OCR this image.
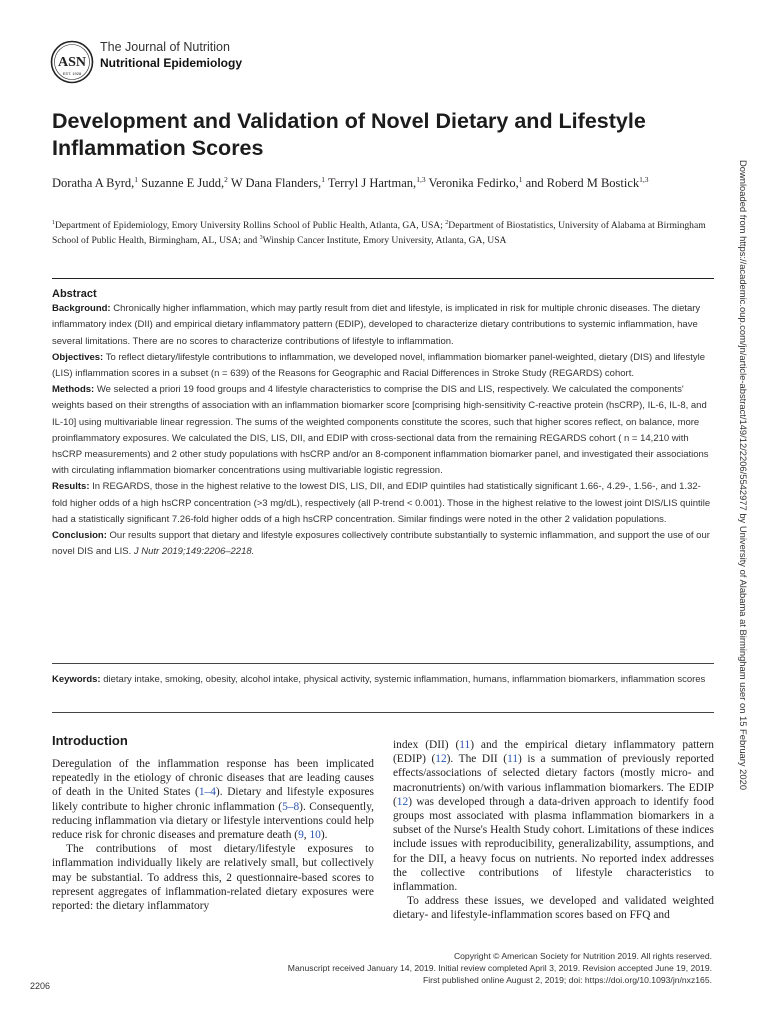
ASN
EST. 1928
The Journal of Nutrition
Nutritional Epidemiology
Development and Validation of Novel Dietary and Lifestyle Inflammation Scores
Doratha A Byrd,$^1$ Suzanne E Judd,$^2$ W Dana Flanders,$^1$ Terryl J Hartman,$^{1,3}$ Veronika Fedirko,$^1$ and Roberd M Bostick$^{1,3}$
$^1$Department of Epidemiology, Emory University Rollins School of Public Health, Atlanta, GA, USA; $^2$Department of Biostatistics, University of Alabama at Birmingham School of Public Health, Birmingham, AL, USA; and $^3$Winship Cancer Institute, Emory University, Atlanta, GA, USA
Abstract

Background: Chronically higher inflammation, which may partly result from diet and lifestyle, is implicated in risk for multiple chronic diseases. The dietary inflammatory index (DII) and empirical dietary inflammatory pattern (EDIP), developed to characterize dietary contributions to systemic inflammation, have several limitations. There are no scores to characterize contributions of lifestyle to inflammation.

Objectives: To reflect dietary/lifestyle contributions to inflammation, we developed novel, inflammation biomarker panel-weighted, dietary (DIS) and lifestyle (LIS) inflammation scores in a subset (n = 639) of the Reasons for Geographic and Racial Differences in Stroke Study (REGARDS) cohort.

Methods: We selected a priori 19 food groups and 4 lifestyle characteristics to comprise the DIS and LIS, respectively. We calculated the components' weights based on their strengths of association with an inflammation biomarker score [comprising high-sensitivity C-reactive protein (hsCRP), IL-6, IL-8, and IL-10] using multivariable linear regression. The sums of the weighted components constitute the scores, such that higher scores reflect, on balance, more proinflammatory exposures. We calculated the DIS, LIS, DII, and EDIP with cross-sectional data from the remaining REGARDS cohort ( n = 14,210 with hsCRP measurements) and 2 other study populations with hsCRP and/or an 8-component inflammation biomarker panel, and investigated their associations with circulating inflammation biomarker concentrations using multivariable logistic regression.

Results: In REGARDS, those in the highest relative to the lowest DIS, LIS, DII, and EDIP quintiles had statistically significant 1.66-, 4.29-, 1.56-, and 1.32-fold higher odds of a high hsCRP concentration (>3 mg/dL), respectively (all P-trend < 0.001). Those in the highest relative to the lowest joint DIS/LIS quintile had a statistically significant 7.26-fold higher odds of a high hsCRP concentration. Similar findings were noted in the other 2 validation populations.

Conclusion: Our results support that dietary and lifestyle exposures collectively contribute substantially to systemic inflammation, and support the use of our novel DIS and LIS. J Nutr 2019;149:2206–2218.

Keywords: dietary intake, smoking, obesity, alcohol intake, physical activity, systemic inflammation, humans, inflammation biomarkers, inflammation scores
Introduction

Deregulation of the inflammation response has been implicated repeatedly in the etiology of chronic diseases that are leading causes of death in the United States (1–4). Dietary and lifestyle exposures likely contribute to higher chronic inflammation (5–8). Consequently, reducing inflammation via dietary or lifestyle interventions could help reduce risk for chronic diseases and premature death (9, 10).

The contributions of most dietary/lifestyle exposures to inflammation individually likely are relatively small, but collectively may be substantial. To address this, 2 questionnaire-based scores to represent aggregates of inflammation-related dietary exposures were reported: the dietary inflammatory

index (DII) (11) and the empirical dietary inflammatory pattern (EDIP) (12). The DII (11) is a summation of previously reported effects/associations of selected dietary factors (mostly micro- and macronutrients) on/with various inflammation biomarkers. The EDIP (12) was developed through a data-driven approach to identify food groups most associated with plasma inflammation biomarkers in a subset of the Nurse's Health Study cohort. Limitations of these indices include issues with reproducibility, generalizability, assumptions, and for the DII, a heavy focus on nutrients. No reported index addresses the collective contributions of lifestyle characteristics to inflammation.

To address these issues, we developed and validated weighted dietary- and lifestyle-inflammation scores based on FFQ and

Downloaded from https://academic.oup.com/jn/article-abstract/149/12/2206/5542977 by University of Alabama at Birmingham user on 15 February 2020
Copyright © American Society for Nutrition 2019. All rights reserved.
Manuscript received January 14, 2019. Initial review completed April 3, 2019. Revision accepted June 19, 2019.
First published online August 2, 2019; doi: https://doi.org/10.1093/jn/nxz165.
2206
